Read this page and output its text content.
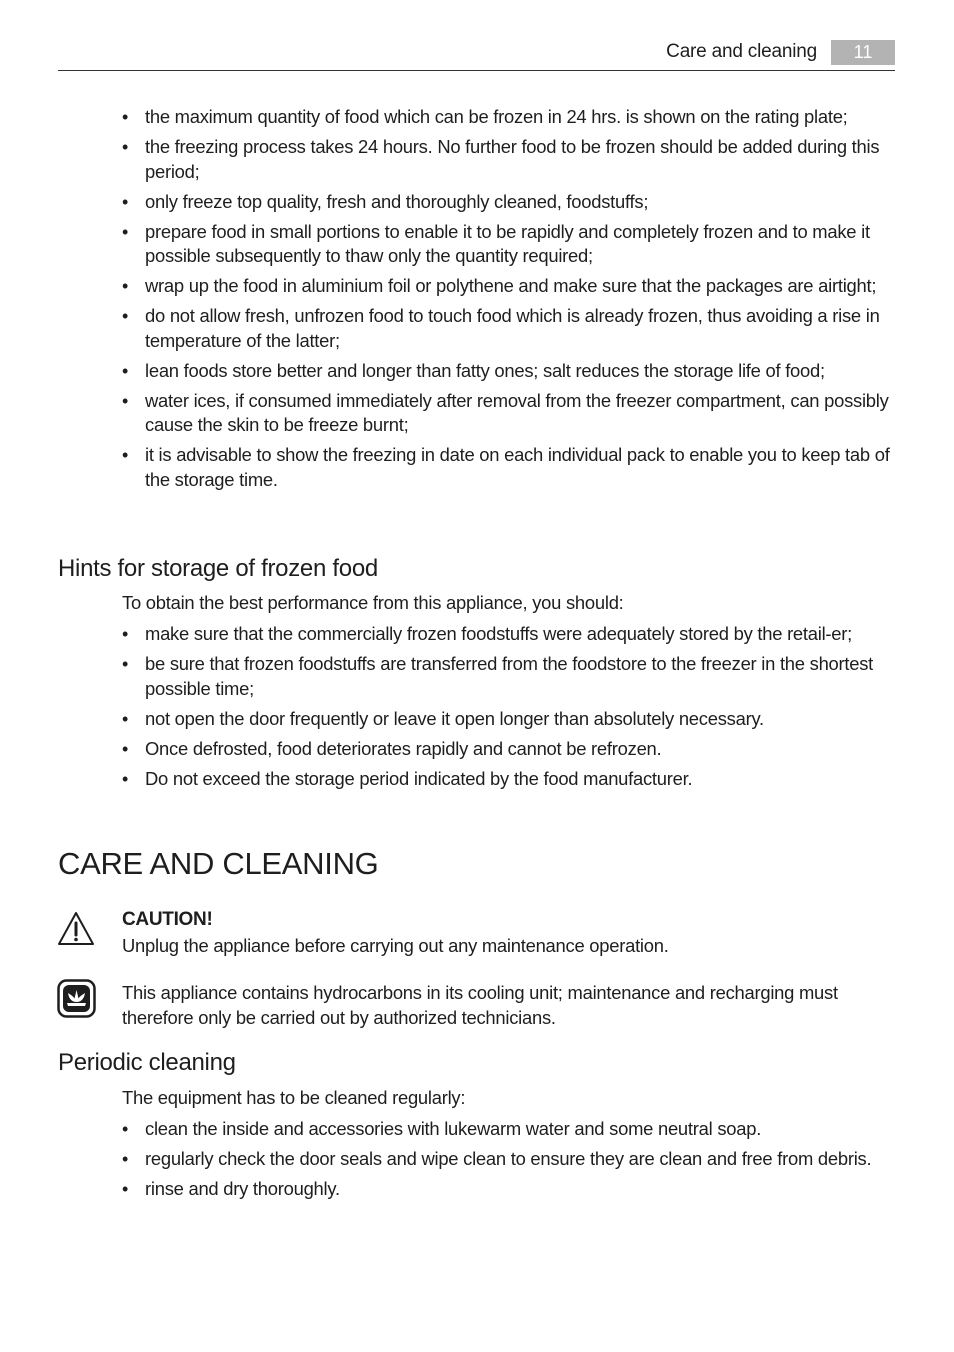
Care and cleaning	11
• the maximum quantity of food which can be frozen in 24 hrs. is shown on the rating plate;
• the freezing process takes 24 hours. No further food to be frozen should be added during this period;
• only freeze top quality, fresh and thoroughly cleaned, foodstuffs;
• prepare food in small portions to enable it to be rapidly and completely frozen and to make it possible subsequently to thaw only the quantity required;
• wrap up the food in aluminium foil or polythene and make sure that the packages are airtight;
• do not allow fresh, unfrozen food to touch food which is already frozen, thus avoiding a rise in temperature of the latter;
• lean foods store better and longer than fatty ones; salt reduces the storage life of food;
• water ices, if consumed immediately after removal from the freezer compartment, can possibly cause the skin to be freeze burnt;
• it is advisable to show the freezing in date on each individual pack to enable you to keep tab of the storage time.
Hints for storage of frozen food
To obtain the best performance from this appliance, you should:
• make sure that the commercially frozen foodstuffs were adequately stored by the retail-er;
• be sure that frozen foodstuffs are transferred from the foodstore to the freezer in the shortest possible time;
• not open the door frequently or leave it open longer than absolutely necessary.
• Once defrosted, food deteriorates rapidly and cannot be refrozen.
• Do not exceed the storage period indicated by the food manufacturer.
CARE AND CLEANING
CAUTION!
Unplug the appliance before carrying out any maintenance operation.
This appliance contains hydrocarbons in its cooling unit; maintenance and recharging must therefore only be carried out by authorized technicians.
Periodic cleaning
The equipment has to be cleaned regularly:
• clean the inside and accessories with lukewarm water and some neutral soap.
• regularly check the door seals and wipe clean to ensure they are clean and free from debris.
• rinse and dry thoroughly.
